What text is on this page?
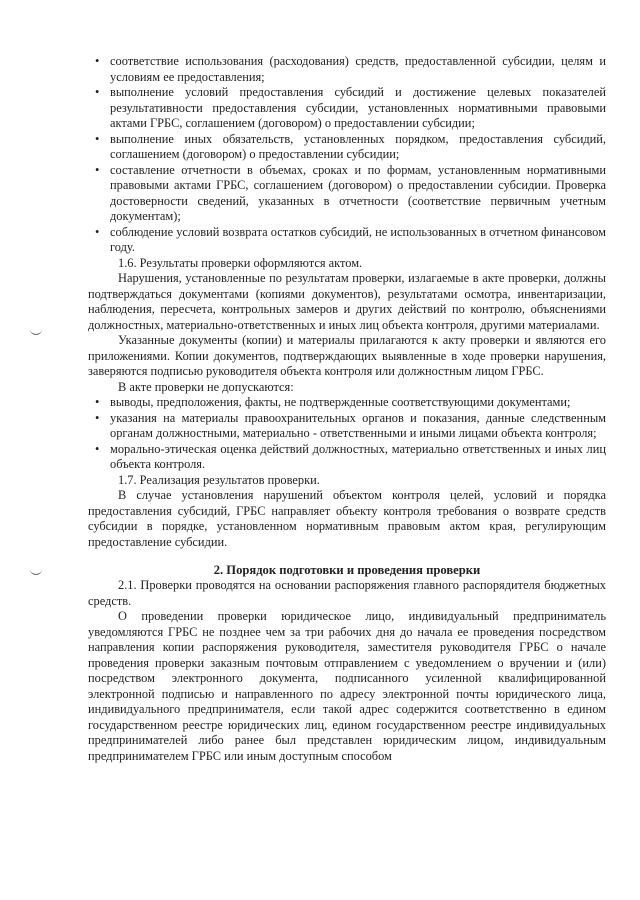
• соответствие использования (расходования) средств, предоставленной субсидии, целям и условиям ее предоставления;
• выполнение условий предоставления субсидий и достижение целевых показателей результативности предоставления субсидии, установленных нормативными правовыми актами ГРБС, соглашением (договором) о предоставлении субсидии;
• выполнение иных обязательств, установленных порядком, предоставления субсидий, соглашением (договором) о предоставлении субсидии;
• составление отчетности в объемах, сроках и по формам, установленным нормативными правовыми актами ГРБС, соглашением (договором) о предоставлении субсидии. Проверка достоверности сведений, указанных в отчетности (соответствие первичным учетным документам);
• соблюдение условий возврата остатков субсидий, не использованных в отчетном финансовом году.

1.6. Результаты проверки оформляются актом.

Нарушения, установленные по результатам проверки, излагаемые в акте проверки, должны подтверждаться документами (копиями документов), результатами осмотра, инвентаризации, наблюдения, пересчета, контрольных замеров и других действий по контролю, объяснениями должностных, материально-ответственных и иных лиц объекта контроля, другими материалами.

Указанные документы (копии) и материалы прилагаются к акту проверки и являются его приложениями. Копии документов, подтверждающих выявленные в ходе проверки нарушения, заверяются подписью руководителя объекта контроля или должностным лицом ГРБС.

В акте проверки не допускаются:

• выводы, предположения, факты, не подтвержденные соответствующими документами;
• указания на материалы правоохранительных органов и показания, данные следственным органам должностными, материально - ответственными и иными лицами объекта контроля;
• морально-этическая оценка действий должностных, материально ответственных и иных лиц объекта контроля.

1.7. Реализация результатов проверки.

В случае установления нарушений объектом контроля целей, условий и порядка предоставления субсидий, ГРБС направляет объекту контроля требования о возврате средств субсидии в порядке, установленном нормативным правовым актом края, регулирующим предоставление субсидии.

2. Порядок подготовки и проведения проверки

2.1. Проверки проводятся на основании распоряжения главного распорядителя бюджетных средств.

О проведении проверки юридическое лицо, индивидуальный предприниматель уведомляются ГРБС не позднее чем за три рабочих дня до начала ее проведения посредством направления копии распоряжения руководителя, заместителя руководителя ГРБС о начале проведения проверки заказным почтовым отправлением с уведомлением о вручении и (или) посредством электронного документа, подписанного усиленной квалифицированной электронной подписью и направленного по адресу электронной почты юридического лица, индивидуального предпринимателя, если такой адрес содержится соответственно в едином государственном реестре юридических лиц, едином государственном реестре индивидуальных предпринимателей либо ранее был представлен юридическим лицом, индивидуальным предпринимателем ГРБС или иным доступным способом
